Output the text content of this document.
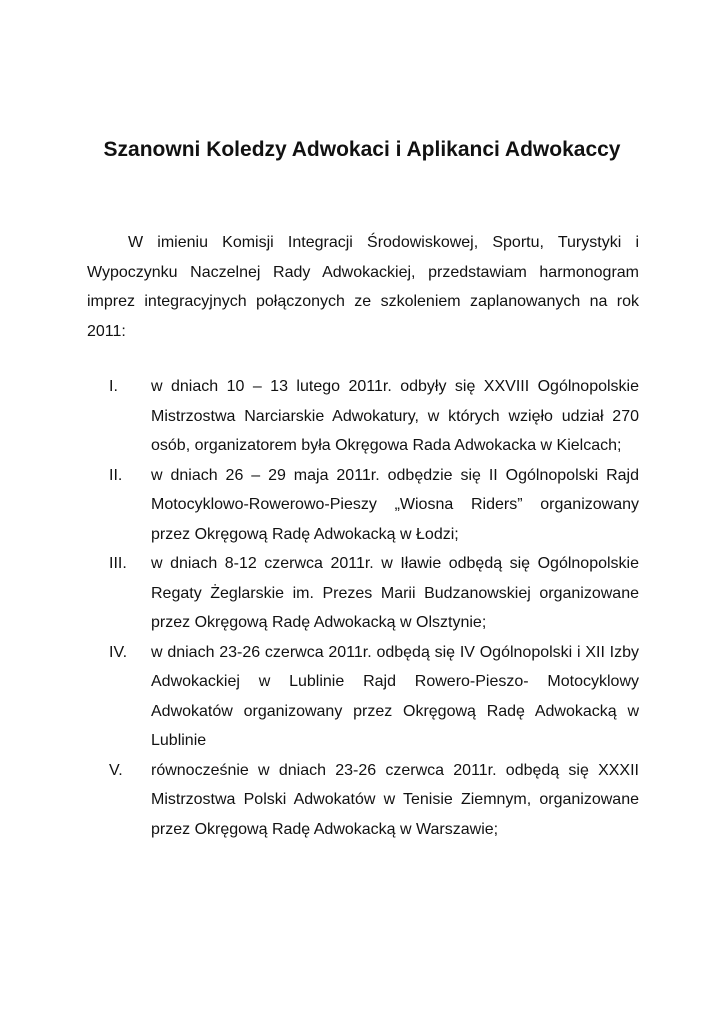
Szanowni Koledzy Adwokaci i Aplikanci Adwokaccy

W imieniu Komisji Integracji Środowiskowej, Sportu, Turystyki i Wypoczynku Naczelnej Rady Adwokackiej, przedstawiam harmonogram imprez integracyjnych połączonych ze szkoleniem zaplanowanych na rok 2011:

I.	w dniach 10 – 13 lutego 2011r. odbyły się XXVIII Ogólnopolskie Mistrzostwa Narciarskie Adwokatury, w których wzięło udział 270 osób, organizatorem była Okręgowa Rada Adwokacka w Kielcach;
II.	w dniach 26 – 29 maja 2011r. odbędzie się II Ogólnopolski Rajd Motocyklowo-Rowerowo-Pieszy „Wiosna Riders” organizowany przez Okręgową Radę Adwokacką w Łodzi;
III.	w dniach 8-12 czerwca 2011r. w Iławie odbędą się Ogólnopolskie Regaty Żeglarskie im. Prezes Marii Budzanowskiej organizowane przez Okręgową Radę Adwokacką w Olsztynie;
IV.	w dniach 23-26 czerwca 2011r. odbędą się IV Ogólnopolski i XII Izby Adwokackiej w Lublinie Rajd Rowero-Pieszo- Motocyklowy Adwokatów organizowany przez Okręgową Radę Adwokacką w Lublinie
V.	równocześnie w dniach 23-26 czerwca 2011r. odbędą się XXXII Mistrzostwa Polski Adwokatów w Tenisie Ziemnym, organizowane przez Okręgową Radę Adwokacką w Warszawie;
